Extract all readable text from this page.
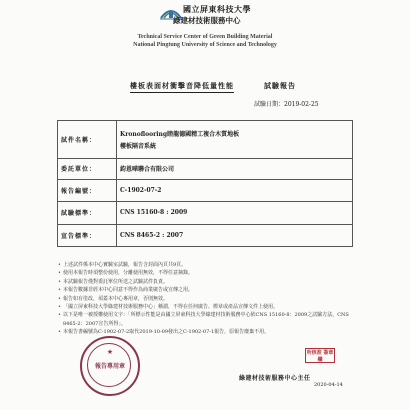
國立屏東科技大學
綠建材技術服務中心
Technical Service Center of Green Building Material
National Pingtung University of Science and Technology
樓板表面材衝擊音降低量性能	試驗報告
試驗日期：2019-02-25
試件名稱：	Kronoflooring睦龍德國精工複合木質地板
樓板隔音系統

委託單位：	鈞恩嘩聯合有限公司
報告編號：	C-1902-07-2
試驗標準：	CNS 15160-8 : 2009
宣告標準：	CNS 8465-2 : 2007
• 上述試件係本中心實驗室試驗，報告含封面內頁共9頁。
• 使用本報告時須整份使用，分離使用無效，不得任意摘錄。
• 本試驗報告僅對委託單位所送之試驗試件負責。
• 本報告數據非經本中心同意不得作為商業廣告或宣傳之用。
• 報告如有塗改，須蓋本中心專用章，否則無效。
• 「國立屏東科技大學綠建材技術服務中心」稱謂，不得在任何廣告、標章或產品宣傳文件上使用。
• 以下是唯一被授權使用文字：「所標示性能是由國立屏東科技大學綠建材技術服務中心依CNS 15160-8：2009之試驗方法，CNS 8465-2：2007宣告所得」。
• 本報告書編號為C-1902-07-2取代2019-10-09發出之C-1902-07-1報告，原報告廢棄不用。
★
報告專用章
所核准 簽章欄
綠建材技術服務中心主任
2020-04-14
